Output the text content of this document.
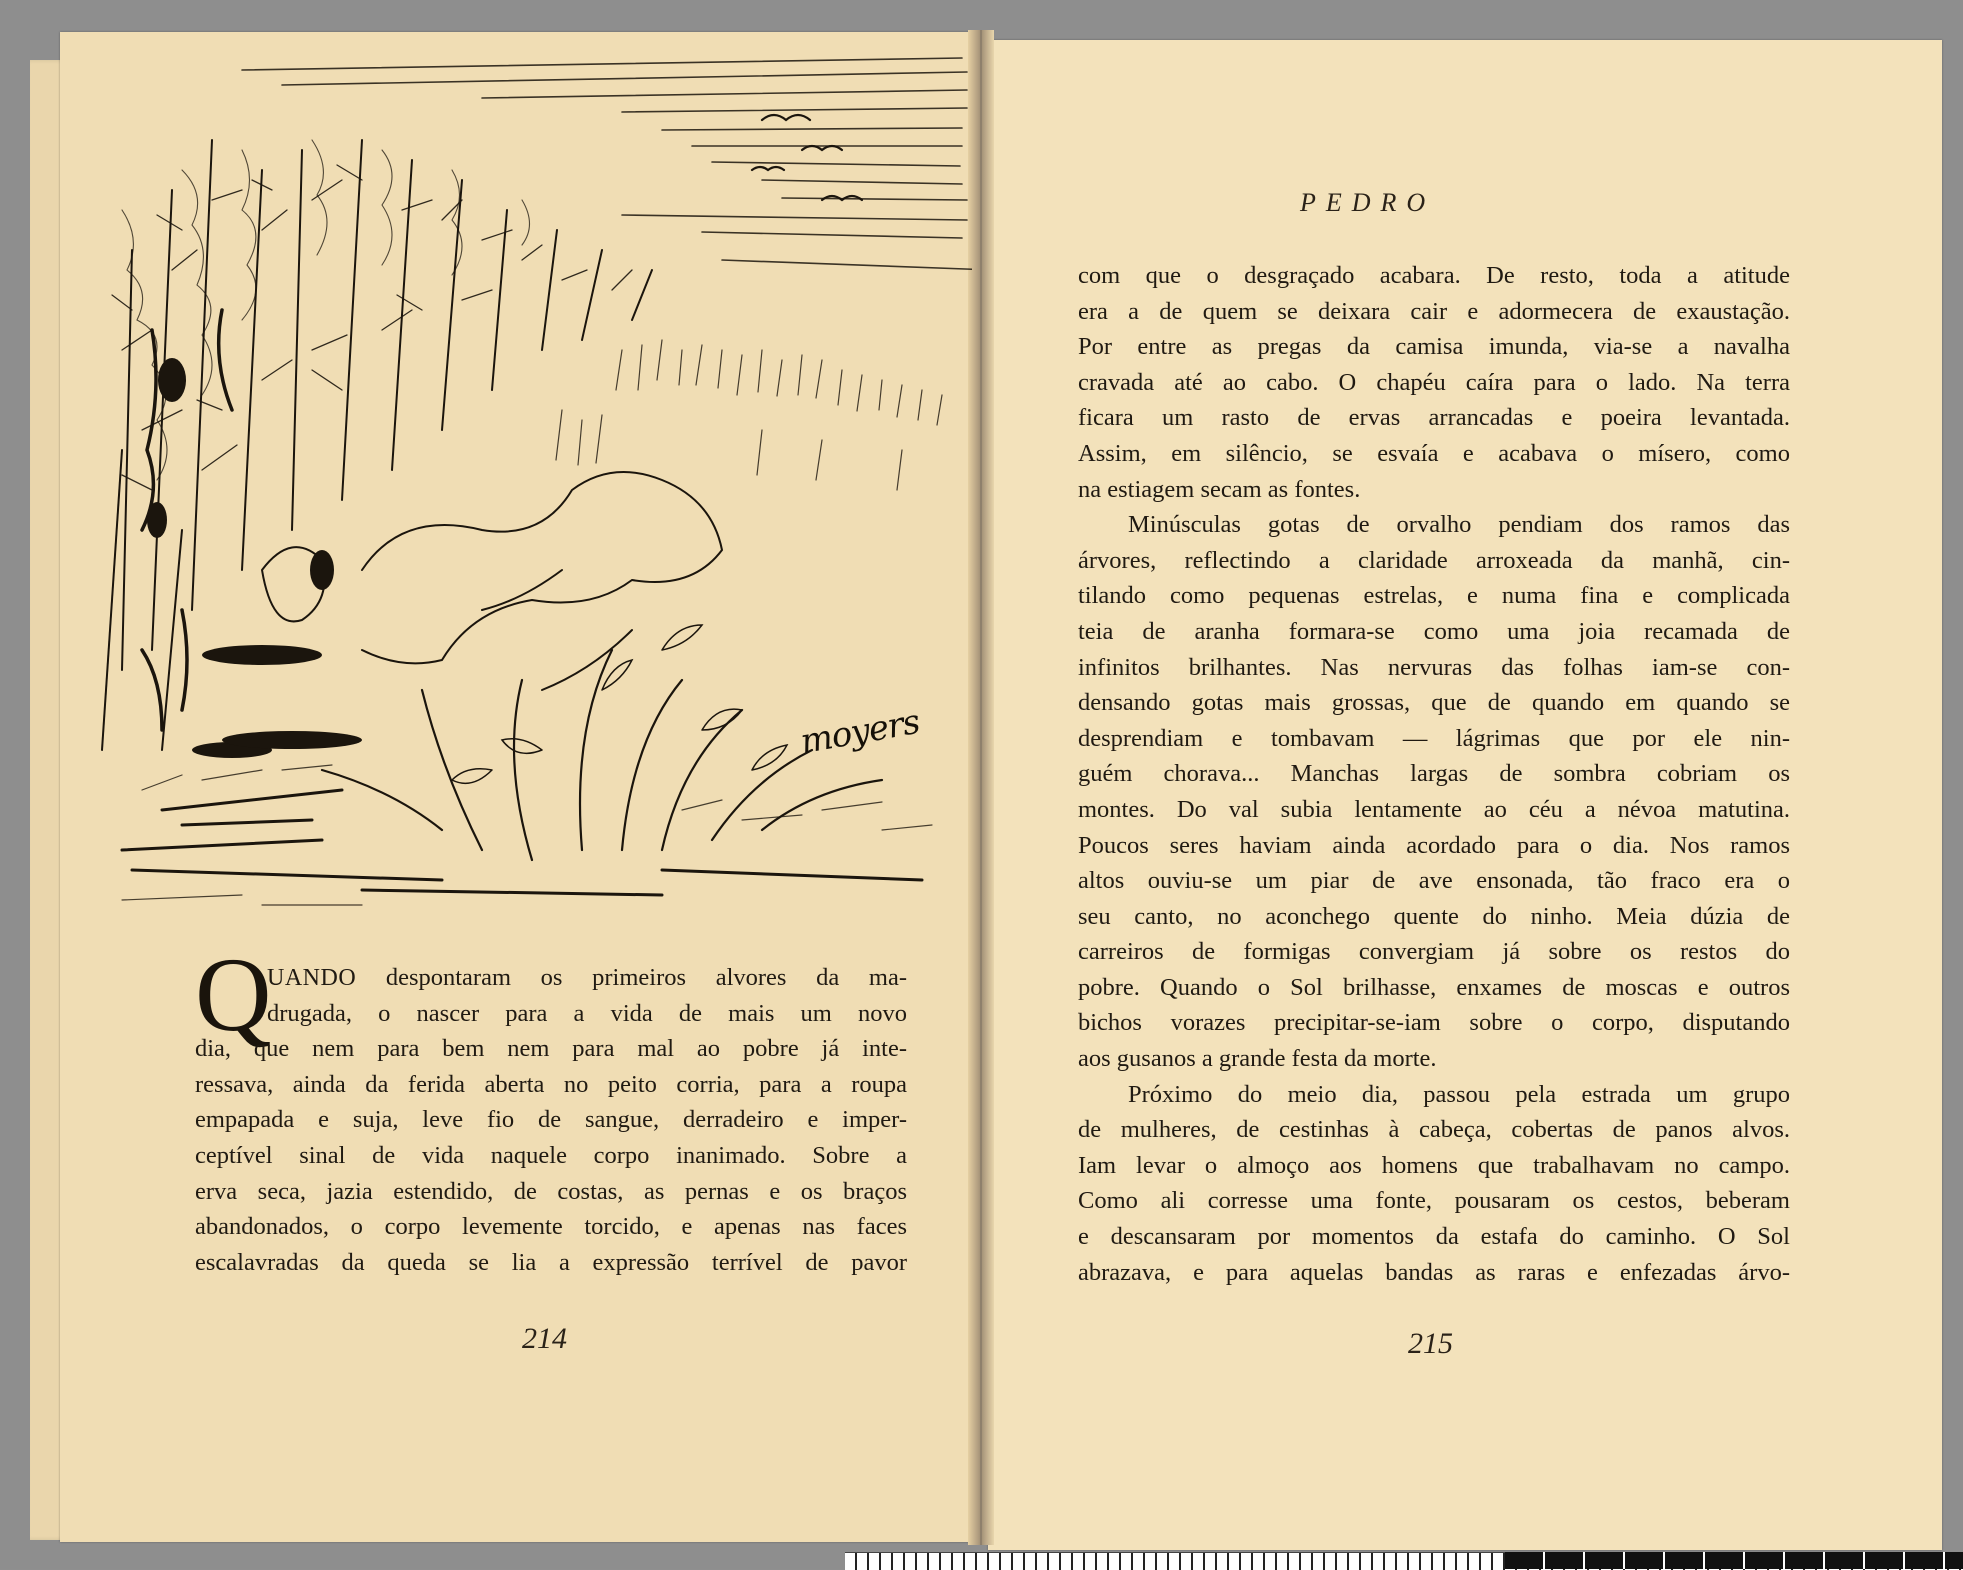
moyers
Q
UANDO despontaram os primeiros alvores da ma-
drugada, o nascer para a vida de mais um novo
dia, que nem para bem nem para mal ao pobre já inte-
ressava, ainda da ferida aberta no peito corria, para a roupa
empapada e suja, leve fio de sangue, derradeiro e imper-
ceptível sinal de vida naquele corpo inanimado. Sobre a
erva seca, jazia estendido, de costas, as pernas e os braços
abandonados, o corpo levemente torcido, e apenas nas faces
escalavradas da queda se lia a expressão terrível de pavor
214
PEDRO
com que o desgraçado acabara. De resto, toda a atitude
era a de quem se deixara cair e adormecera de exaustação.
Por entre as pregas da camisa imunda, via-se a navalha
cravada até ao cabo. O chapéu caíra para o lado. Na terra
ficara um rasto de ervas arrancadas e poeira levantada.
Assim, em silêncio, se esvaía e acabava o mísero, como
na estiagem secam as fontes.
Minúsculas gotas de orvalho pendiam dos ramos das
árvores, reflectindo a claridade arroxeada da manhã, cin-
tilando como pequenas estrelas, e numa fina e complicada
teia de aranha formara-se como uma joia recamada de
infinitos brilhantes. Nas nervuras das folhas iam-se con-
densando gotas mais grossas, que de quando em quando se
desprendiam e tombavam — lágrimas que por ele nin-
guém chorava... Manchas largas de sombra cobriam os
montes. Do val subia lentamente ao céu a névoa matutina.
Poucos seres haviam ainda acordado para o dia. Nos ramos
altos ouviu-se um piar de ave ensonada, tão fraco era o
seu canto, no aconchego quente do ninho. Meia dúzia de
carreiros de formigas convergiam já sobre os restos do
pobre. Quando o Sol brilhasse, enxames de moscas e outros
bichos vorazes precipitar-se-iam sobre o corpo, disputando
aos gusanos a grande festa da morte.
Próximo do meio dia, passou pela estrada um grupo
de mulheres, de cestinhas à cabeça, cobertas de panos alvos.
Iam levar o almoço aos homens que trabalhavam no campo.
Como ali corresse uma fonte, pousaram os cestos, beberam
e descansaram por momentos da estafa do caminho. O Sol
abrazava, e para aquelas bandas as raras e enfezadas árvo-
215
